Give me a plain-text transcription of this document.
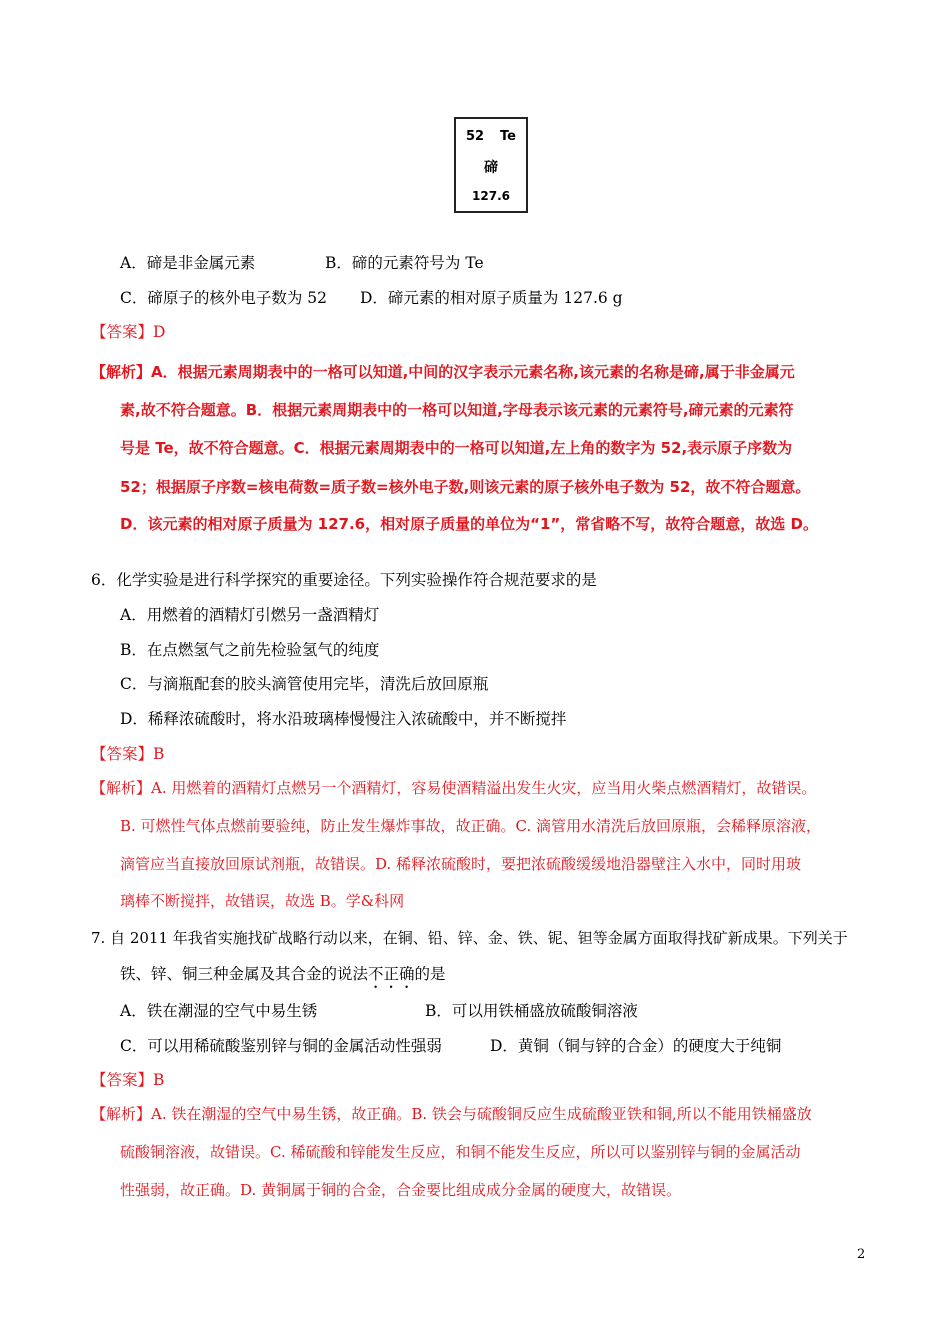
52 Te
碲
127.6
A．碲是非金属元素	B．碲的元素符号为 Te
C．碲原子的核外电子数为 52 D．碲元素的相对原子质量为 127.6 g
【答案】D
【解析】A．根据元素周期表中的一格可以知道,中间的汉字表示元素名称,该元素的名称是碲,属于非金属元
素,故不符合题意。B．根据元素周期表中的一格可以知道,字母表示该元素的元素符号,碲元素的元素符
号是 Te，故不符合题意。C．根据元素周期表中的一格可以知道,左上角的数字为 52,表示原子序数为
52；根据原子序数=核电荷数=质子数=核外电子数,则该元素的原子核外电子数为 52，故不符合题意。
D．该元素的相对原子质量为 127.6，相对原子质量的单位为“1”，常省略不写，故符合题意，故选 D。
6．化学实验是进行科学探究的重要途径。下列实验操作符合规范要求的是
A．用燃着的酒精灯引燃另一盏酒精灯
B．在点燃氢气之前先检验氢气的纯度
C．与滴瓶配套的胶头滴管使用完毕，清洗后放回原瓶
D．稀释浓硫酸时，将水沿玻璃棒慢慢注入浓硫酸中，并不断搅拌
【答案】B
【解析】A. 用燃着的酒精灯点燃另一个酒精灯，容易使酒精溢出发生火灾，应当用火柴点燃酒精灯，故错误。
B. 可燃性气体点燃前要验纯，防止发生爆炸事故，故正确。C. 滴管用水清洗后放回原瓶，会稀释原溶液，
滴管应当直接放回原试剂瓶，故错误。D. 稀释浓硫酸时，要把浓硫酸缓缓地沿器壁注入水中，同时用玻
璃棒不断搅拌，故错误，故选 B。学&科网
7. 自 2011 年我省实施找矿战略行动以来，在铜、铅、锌、金、铁、铌、钽等金属方面取得找矿新成果。下列关于
铁、锌、铜三种金属及其合金的说法不正确的是
A．铁在潮湿的空气中易生锈	B．可以用铁桶盛放硫酸铜溶液
C．可以用稀硫酸鉴别锌与铜的金属活动性强弱	D．黄铜（铜与锌的合金）的硬度大于纯铜
【答案】B
【解析】A. 铁在潮湿的空气中易生锈，故正确。B. 铁会与硫酸铜反应生成硫酸亚铁和铜,所以不能用铁桶盛放
硫酸铜溶液，故错误。C. 稀硫酸和锌能发生反应，和铜不能发生反应，所以可以鉴别锌与铜的金属活动
性强弱，故正确。D. 黄铜属于铜的合金，合金要比组成成分金属的硬度大，故错误。
2
